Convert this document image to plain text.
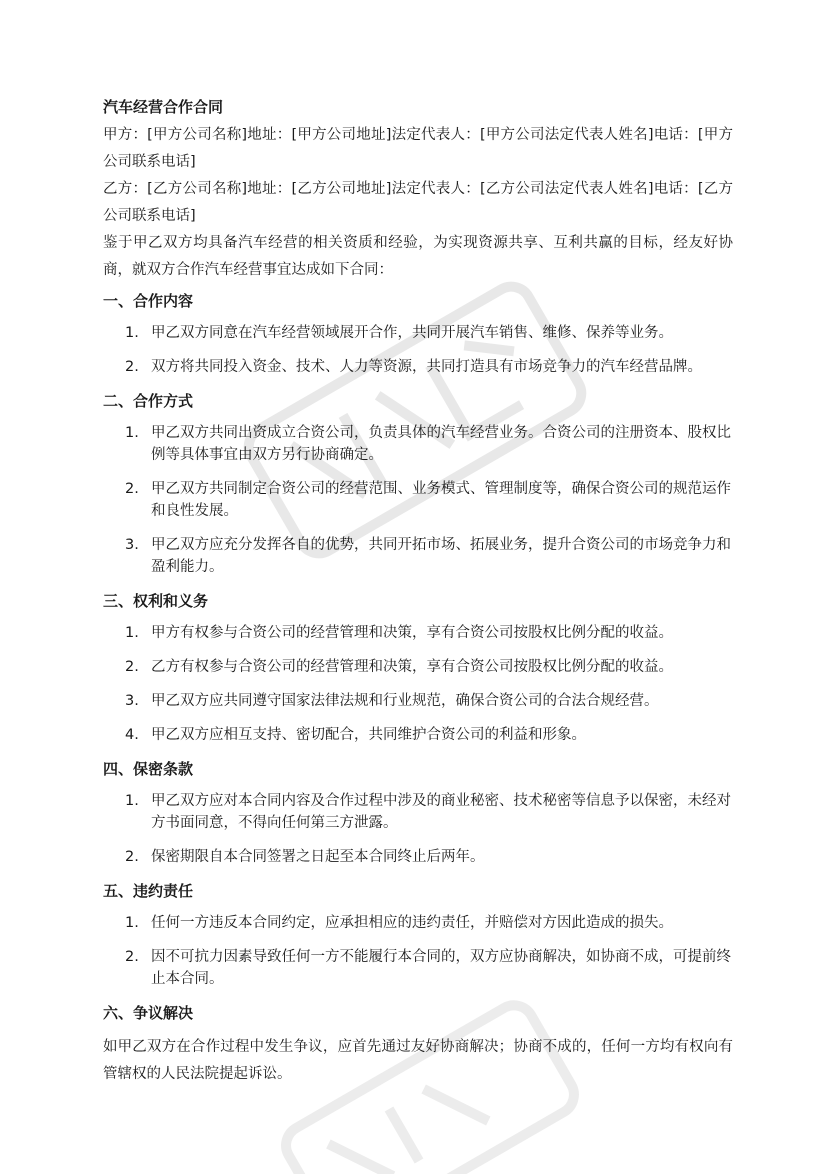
汽车经营合作合同

甲方：[甲方公司名称]地址：[甲方公司地址]法定代表人：[甲方公司法定代表人姓名]电话：[甲方公司联系电话]

乙方：[乙方公司名称]地址：[乙方公司地址]法定代表人：[乙方公司法定代表人姓名]电话：[乙方公司联系电话]

鉴于甲乙双方均具备汽车经营的相关资质和经验，为实现资源共享、互利共赢的目标，经友好协商，就双方合作汽车经营事宜达成如下合同：

一、合作内容
1. 甲乙双方同意在汽车经营领域展开合作，共同开展汽车销售、维修、保养等业务。
2. 双方将共同投入资金、技术、人力等资源，共同打造具有市场竞争力的汽车经营品牌。
二、合作方式
1. 甲乙双方共同出资成立合资公司，负责具体的汽车经营业务。合资公司的注册资本、股权比例等具体事宜由双方另行协商确定。
2. 甲乙双方共同制定合资公司的经营范围、业务模式、管理制度等，确保合资公司的规范运作和良性发展。
3. 甲乙双方应充分发挥各自的优势，共同开拓市场、拓展业务，提升合资公司的市场竞争力和盈利能力。
三、权利和义务
1. 甲方有权参与合资公司的经营管理和决策，享有合资公司按股权比例分配的收益。
2. 乙方有权参与合资公司的经营管理和决策，享有合资公司按股权比例分配的收益。
3. 甲乙双方应共同遵守国家法律法规和行业规范，确保合资公司的合法合规经营。
4. 甲乙双方应相互支持、密切配合，共同维护合资公司的利益和形象。
四、保密条款
1. 甲乙双方应对本合同内容及合作过程中涉及的商业秘密、技术秘密等信息予以保密，未经对方书面同意，不得向任何第三方泄露。
2. 保密期限自本合同签署之日起至本合同终止后两年。
五、违约责任
1. 任何一方违反本合同约定，应承担相应的违约责任，并赔偿对方因此造成的损失。
2. 因不可抗力因素导致任何一方不能履行本合同的，双方应协商解决，如协商不成，可提前终止本合同。
六、争议解决

如甲乙双方在合作过程中发生争议，应首先通过友好协商解决；协商不成的，任何一方均有权向有管辖权的人民法院提起诉讼。
